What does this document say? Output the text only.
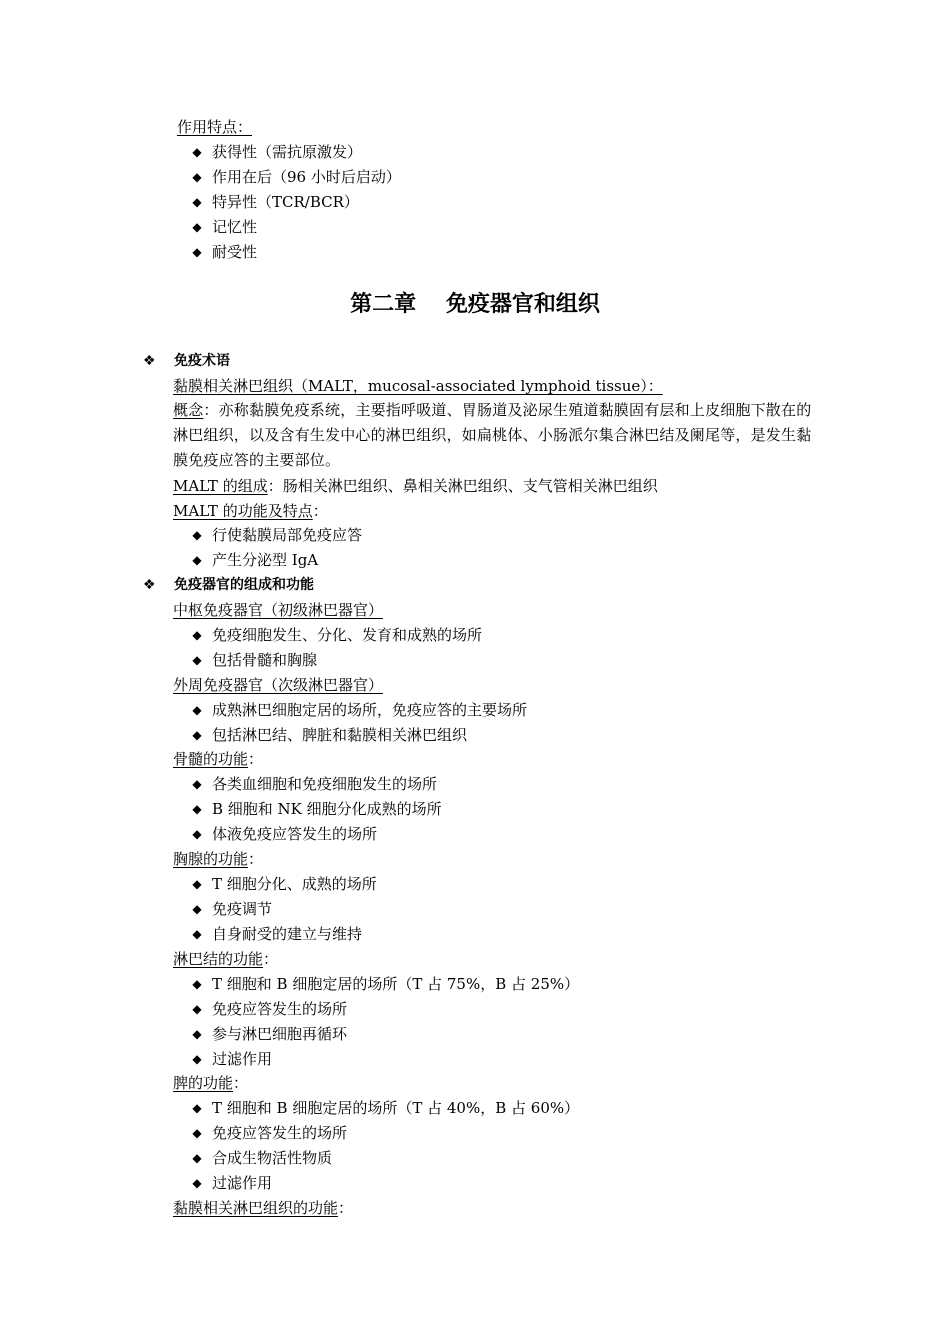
作用特点：
◆ 获得性（需抗原激发）
◆ 作用在后（96 小时后启动）
◆ 特异性（TCR/BCR）
◆ 记忆性
◆ 耐受性
第二章　 免疫器官和组织
❖ 免疫术语
黏膜相关淋巴组织（MALT，mucosal-associated lymphoid tissue）：
概念：亦称黏膜免疫系统，主要指呼吸道、胃肠道及泌尿生殖道黏膜固有层和上皮细胞下散在的淋巴组织，以及含有生发中心的淋巴组织，如扁桃体、小肠派尔集合淋巴结及阑尾等，是发生黏膜免疫应答的主要部位。
MALT 的组成：肠相关淋巴组织、鼻相关淋巴组织、支气管相关淋巴组织
MALT 的功能及特点：
◆ 行使黏膜局部免疫应答
◆ 产生分泌型 IgA
❖ 免疫器官的组成和功能
中枢免疫器官（初级淋巴器官）
◆ 免疫细胞发生、分化、发育和成熟的场所
◆ 包括骨髓和胸腺
外周免疫器官（次级淋巴器官）
◆ 成熟淋巴细胞定居的场所，免疫应答的主要场所
◆ 包括淋巴结、脾脏和黏膜相关淋巴组织
骨髓的功能：
◆ 各类血细胞和免疫细胞发生的场所
◆ B 细胞和 NK 细胞分化成熟的场所
◆ 体液免疫应答发生的场所
胸腺的功能：
◆ T 细胞分化、成熟的场所
◆ 免疫调节
◆ 自身耐受的建立与维持
淋巴结的功能：
◆ T 细胞和 B 细胞定居的场所（T 占 75%，B 占 25%）
◆ 免疫应答发生的场所
◆ 参与淋巴细胞再循环
◆ 过滤作用
脾的功能：
◆ T 细胞和 B 细胞定居的场所（T 占 40%，B 占 60%）
◆ 免疫应答发生的场所
◆ 合成生物活性物质
◆ 过滤作用
黏膜相关淋巴组织的功能：
